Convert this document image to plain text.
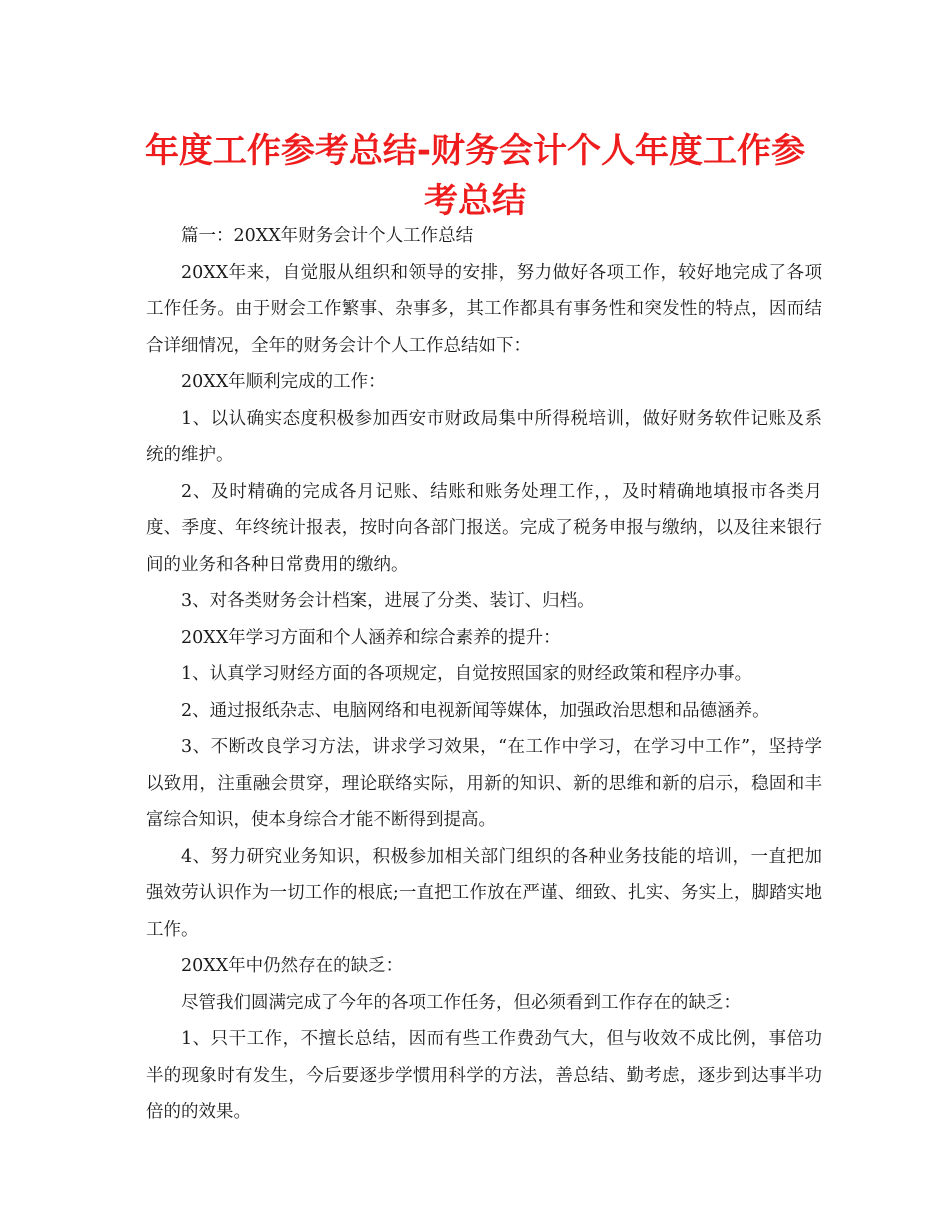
年度工作参考总结-财务会计个人年度工作参考总结

篇一：20XX年财务会计个人工作总结

20XX年来，自觉服从组织和领导的安排，努力做好各项工作，较好地完成了各项工作任务。由于财会工作繁事、杂事多，其工作都具有事务性和突发性的特点，因而结合详细情况，全年的财务会计个人工作总结如下：

20XX年顺利完成的工作：

1、以认确实态度积极参加西安市财政局集中所得税培训，做好财务软件记账及系统的维护。

2、及时精确的完成各月记账、结账和账务处理工作，，及时精确地填报市各类月度、季度、年终统计报表，按时向各部门报送。完成了税务申报与缴纳，以及往来银行间的业务和各种日常费用的缴纳。

3、对各类财务会计档案，进展了分类、装订、归档。

20XX年学习方面和个人涵养和综合素养的提升：

1、认真学习财经方面的各项规定，自觉按照国家的财经政策和程序办事。

2、通过报纸杂志、电脑网络和电视新闻等媒体，加强政治思想和品德涵养。

3、不断改良学习方法，讲求学习效果，“在工作中学习，在学习中工作”，坚持学以致用，注重融会贯穿，理论联络实际，用新的知识、新的思维和新的启示，稳固和丰富综合知识，使本身综合才能不断得到提高。

4、努力研究业务知识，积极参加相关部门组织的各种业务技能的培训，一直把加强效劳认识作为一切工作的根底;一直把工作放在严谨、细致、扎实、务实上，脚踏实地工作。

20XX年中仍然存在的缺乏：

尽管我们圆满完成了今年的各项工作任务，但必须看到工作存在的缺乏：

1、只干工作，不擅长总结，因而有些工作费劲气大，但与收效不成比例，事倍功半的现象时有发生，今后要逐步学惯用科学的方法，善总结、勤考虑，逐步到达事半功倍的的效果。
